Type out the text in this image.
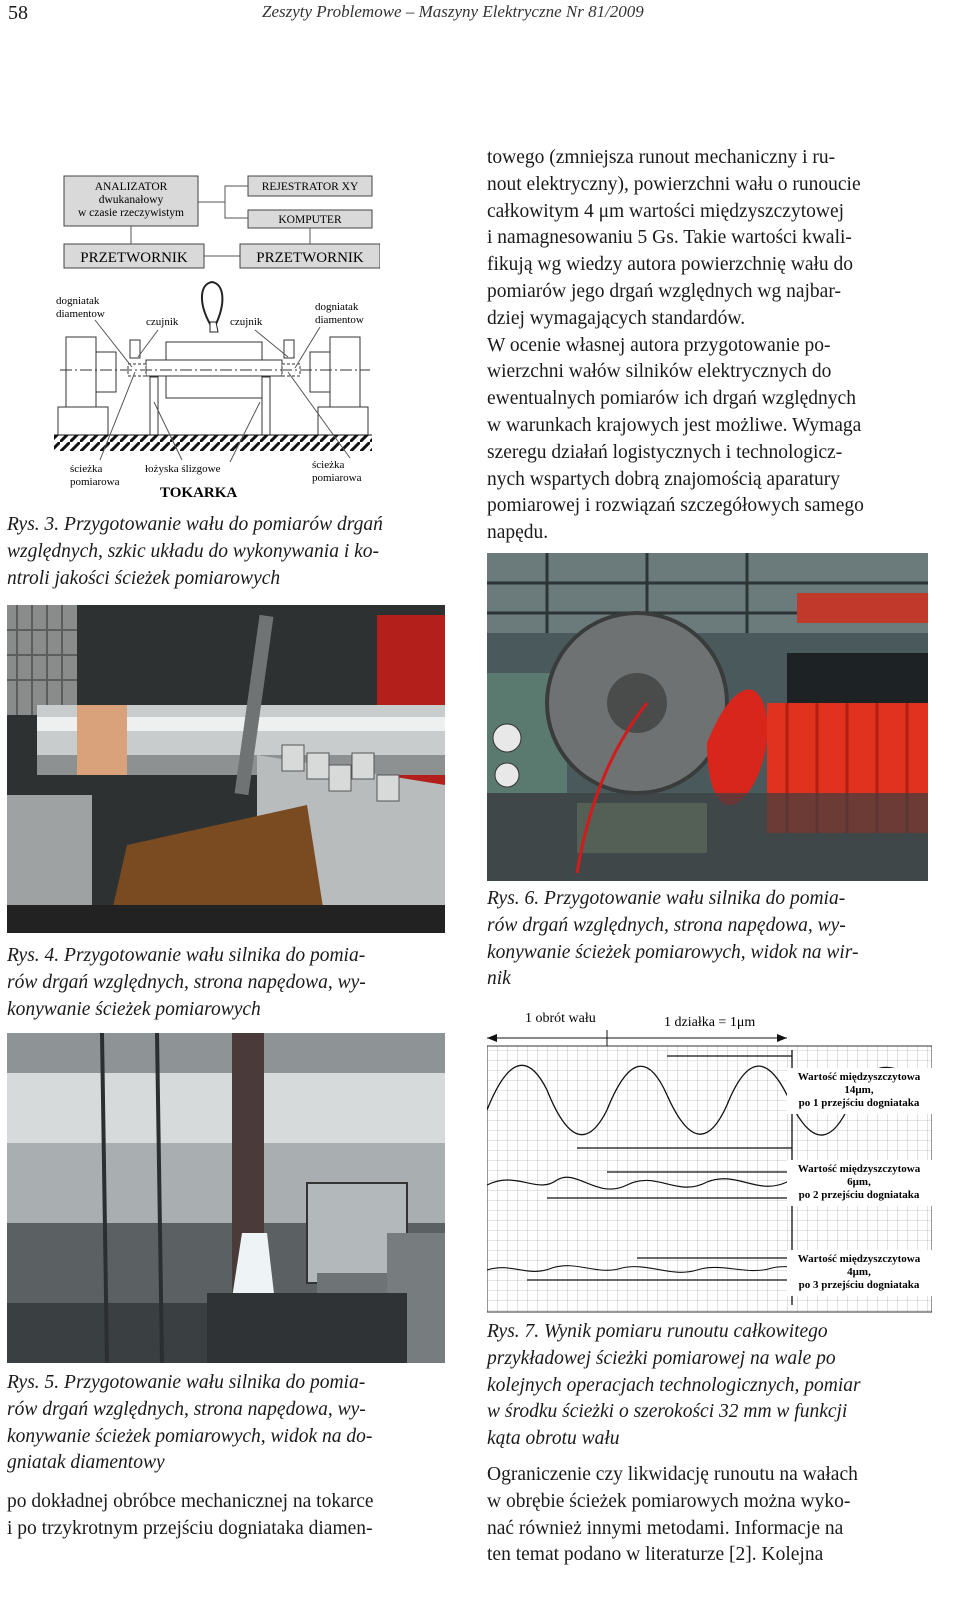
58	Zeszyty Problemowe – Maszyny Elektryczne Nr 81/2009
ANALIZATOR
dwukanałowy
w czasie rzeczywistym
REJESTRATOR XY
KOMPUTER
PRZETWORNIK	PRZETWORNIK
dogniatak
diamentow
czujnik	czujnik
dogniatak
diamentow
ścieżka
pomiarowa
łożyska ślizgowe	ścieżka
pomiarowa
TOKARKA
Rys. 3. Przygotowanie wału do pomiarów drgań
względnych, szkic układu do wykonywania i ko-
ntroli jakości ścieżek pomiarowych
towego (zmniejsza runout mechaniczny i ru-
nout elektryczny), powierzchni wału o runoucie
całkowitym 4 μm wartości międzyszczytowej
i namagnesowaniu 5 Gs. Takie wartości kwali-
fikują wg wiedzy autora powierzchnię wału do
pomiarów jego drgań względnych wg najbar-
dziej wymagających standardów.
W ocenie własnej autora przygotowanie po-
wierzchni wałów silników elektrycznych do
ewentualnych pomiarów ich drgań względnych
w warunkach krajowych jest możliwe. Wymaga
szeregu działań logistycznych i technologicz-
nych wspartych dobrą znajomością aparatury
pomiarowej i rozwiązań szczegółowych samego
napędu.
Rys. 4. Przygotowanie wału silnika do pomia-
rów drgań względnych, strona napędowa, wy-
konywanie ścieżek pomiarowych
Rys. 5. Przygotowanie wału silnika do pomia-
rów drgań względnych, strona napędowa, wy-
konywanie ścieżek pomiarowych, widok na do-
gniatak diamentowy
po dokładnej obróbce mechanicznej na tokarce
i po trzykrotnym przejściu dogniataka diamen-
Rys. 6. Przygotowanie wału silnika do pomia-
rów drgań względnych, strona napędowa, wy-
konywanie ścieżek pomiarowych, widok na wir-
nik
1 obrót wału	1 działka = 1μm
Wartość międzyszczytowa
14μm,
po 1 przejściu dogniataka
Wartość międzyszczytowa
6μm,
po 2 przejściu dogniataka
Wartość międzyszczytowa
4μm,
po 3 przejściu dogniataka
Rys. 7. Wynik pomiaru runoutu całkowitego
przykładowej ścieżki pomiarowej na wale po
kolejnych operacjach technologicznych, pomiar
w środku ścieżki o szerokości 32 mm w funkcji
kąta obrotu wału
Ograniczenie czy likwidację runoutu na wałach
w obrębie ścieżek pomiarowych można wyko-
nać również innymi metodami. Informacje na
ten temat podano w literaturze [2]. Kolejna
